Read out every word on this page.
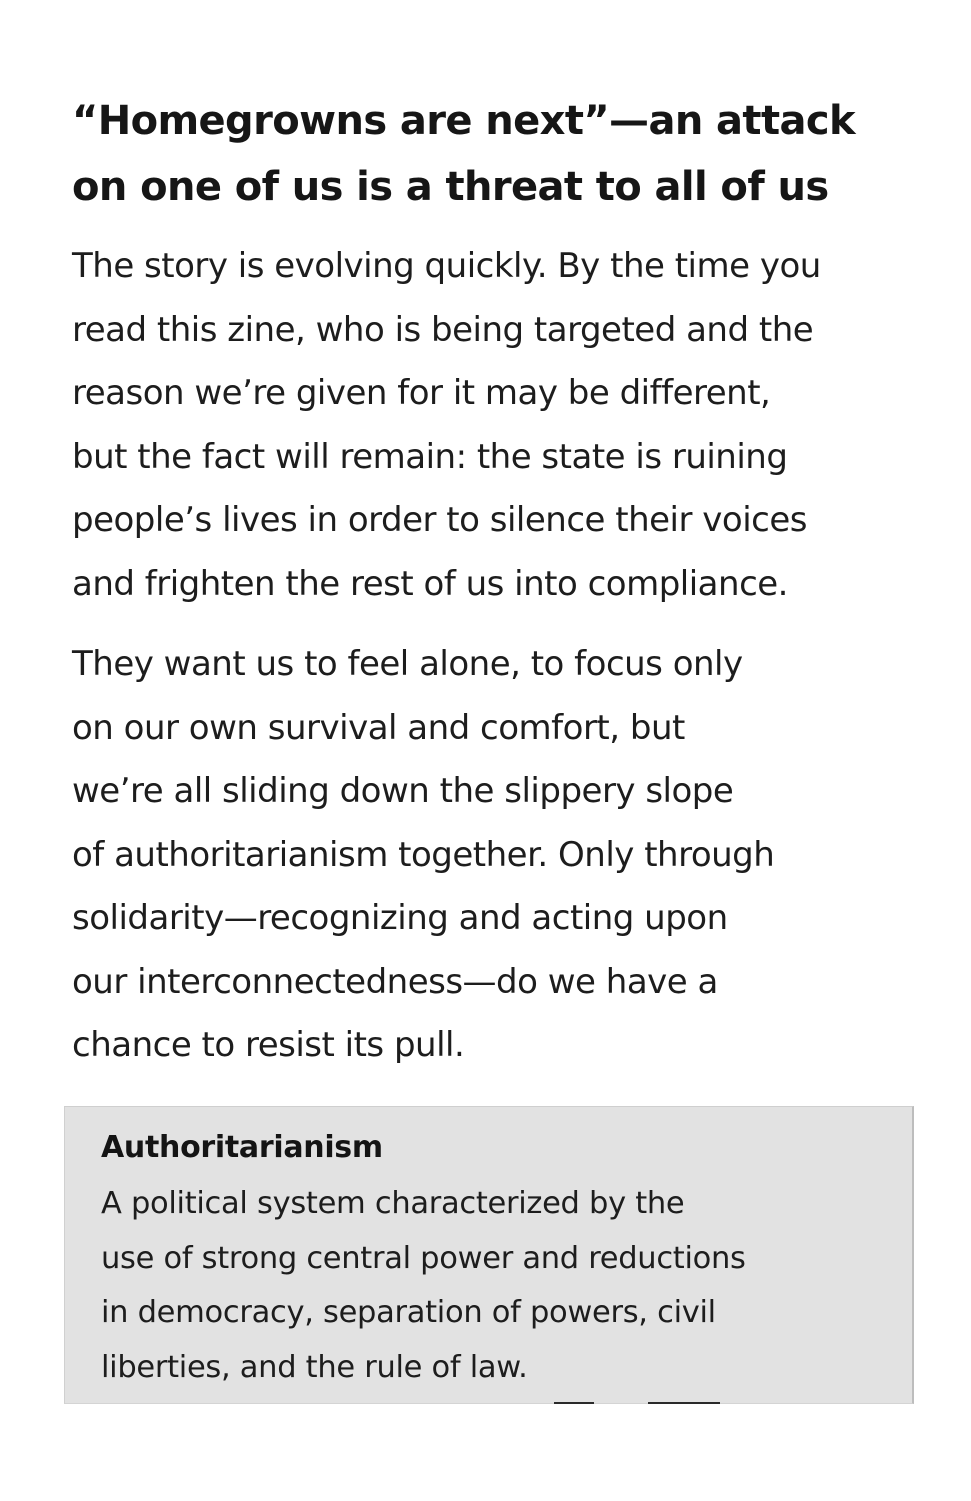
“Homegrowns are next”—an attack
on one of us is a threat to all of us

The story is evolving quickly. By the time you
read this zine, who is being targeted and the
reason we’re given for it may be different,
but the fact will remain: the state is ruining
people’s lives in order to silence their voices
and frighten the rest of us into compliance.

They want us to feel alone, to focus only
on our own survival and comfort, but
we’re all sliding down the slippery slope
of authoritarianism together. Only through
solidarity—recognizing and acting upon
our interconnectedness—do we have a
chance to resist its pull.

Authoritarianism

A political system characterized by the
use of strong central power and reductions
in democracy, separation of powers, civil
liberties, and the rule of law.
